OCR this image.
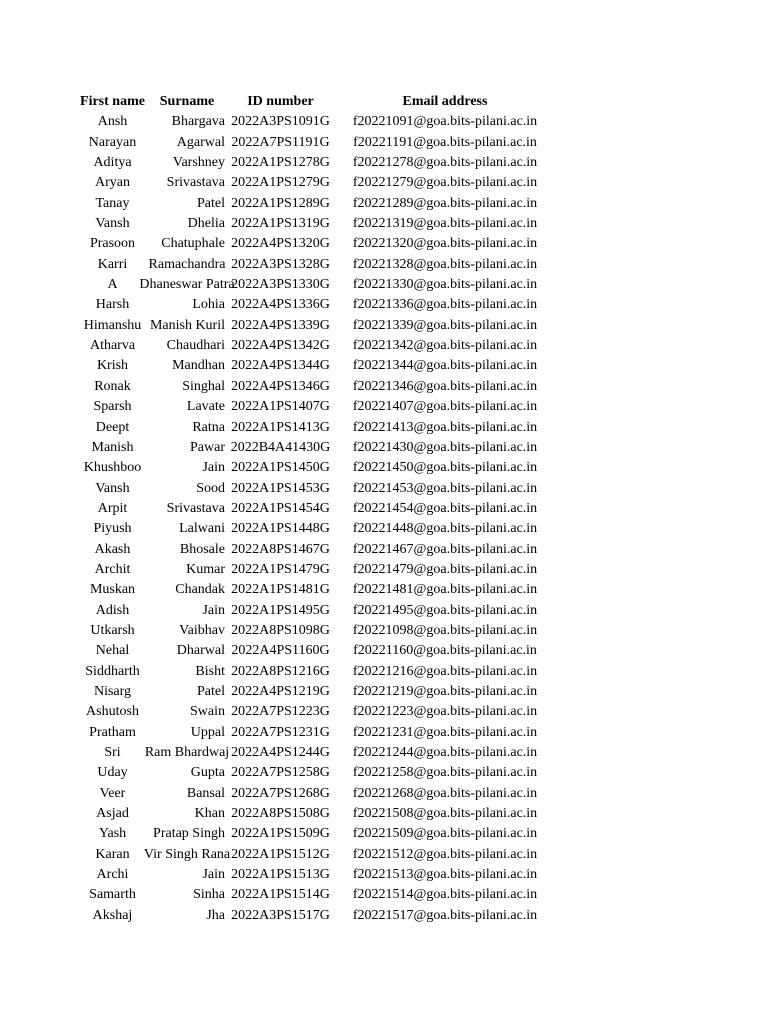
First name	Surname	ID number	Email address
Ansh	Bhargava	2022A3PS1091G	f20221091@goa.bits-pilani.ac.in
Narayan	Agarwal	2022A7PS1191G	f20221191@goa.bits-pilani.ac.in
Aditya	Varshney	2022A1PS1278G	f20221278@goa.bits-pilani.ac.in
Aryan	Srivastava	2022A1PS1279G	f20221279@goa.bits-pilani.ac.in
Tanay	Patel	2022A1PS1289G	f20221289@goa.bits-pilani.ac.in
Vansh	Dhelia	2022A1PS1319G	f20221319@goa.bits-pilani.ac.in
Prasoon	Chatuphale	2022A4PS1320G	f20221320@goa.bits-pilani.ac.in
Karri	Ramachandra	2022A3PS1328G	f20221328@goa.bits-pilani.ac.in
A	Dhaneswar Patra	2022A3PS1330G	f20221330@goa.bits-pilani.ac.in
Harsh	Lohia	2022A4PS1336G	f20221336@goa.bits-pilani.ac.in
Himanshu	Manish Kuril	2022A4PS1339G	f20221339@goa.bits-pilani.ac.in
Atharva	Chaudhari	2022A4PS1342G	f20221342@goa.bits-pilani.ac.in
Krish	Mandhan	2022A4PS1344G	f20221344@goa.bits-pilani.ac.in
Ronak	Singhal	2022A4PS1346G	f20221346@goa.bits-pilani.ac.in
Sparsh	Lavate	2022A1PS1407G	f20221407@goa.bits-pilani.ac.in
Deept	Ratna	2022A1PS1413G	f20221413@goa.bits-pilani.ac.in
Manish	Pawar	2022B4A41430G	f20221430@goa.bits-pilani.ac.in
Khushboo	Jain	2022A1PS1450G	f20221450@goa.bits-pilani.ac.in
Vansh	Sood	2022A1PS1453G	f20221453@goa.bits-pilani.ac.in
Arpit	Srivastava	2022A1PS1454G	f20221454@goa.bits-pilani.ac.in
Piyush	Lalwani	2022A1PS1448G	f20221448@goa.bits-pilani.ac.in
Akash	Bhosale	2022A8PS1467G	f20221467@goa.bits-pilani.ac.in
Archit	Kumar	2022A1PS1479G	f20221479@goa.bits-pilani.ac.in
Muskan	Chandak	2022A1PS1481G	f20221481@goa.bits-pilani.ac.in
Adish	Jain	2022A1PS1495G	f20221495@goa.bits-pilani.ac.in
Utkarsh	Vaibhav	2022A8PS1098G	f20221098@goa.bits-pilani.ac.in
Nehal	Dharwal	2022A4PS1160G	f20221160@goa.bits-pilani.ac.in
Siddharth	Bisht	2022A8PS1216G	f20221216@goa.bits-pilani.ac.in
Nisarg	Patel	2022A4PS1219G	f20221219@goa.bits-pilani.ac.in
Ashutosh	Swain	2022A7PS1223G	f20221223@goa.bits-pilani.ac.in
Pratham	Uppal	2022A7PS1231G	f20221231@goa.bits-pilani.ac.in
Sri	Ram Bhardwaj	2022A4PS1244G	f20221244@goa.bits-pilani.ac.in
Uday	Gupta	2022A7PS1258G	f20221258@goa.bits-pilani.ac.in
Veer	Bansal	2022A7PS1268G	f20221268@goa.bits-pilani.ac.in
Asjad	Khan	2022A8PS1508G	f20221508@goa.bits-pilani.ac.in
Yash	Pratap Singh	2022A1PS1509G	f20221509@goa.bits-pilani.ac.in
Karan	Vir Singh Rana	2022A1PS1512G	f20221512@goa.bits-pilani.ac.in
Archi	Jain	2022A1PS1513G	f20221513@goa.bits-pilani.ac.in
Samarth	Sinha	2022A1PS1514G	f20221514@goa.bits-pilani.ac.in
Akshaj	Jha	2022A3PS1517G	f20221517@goa.bits-pilani.ac.in
